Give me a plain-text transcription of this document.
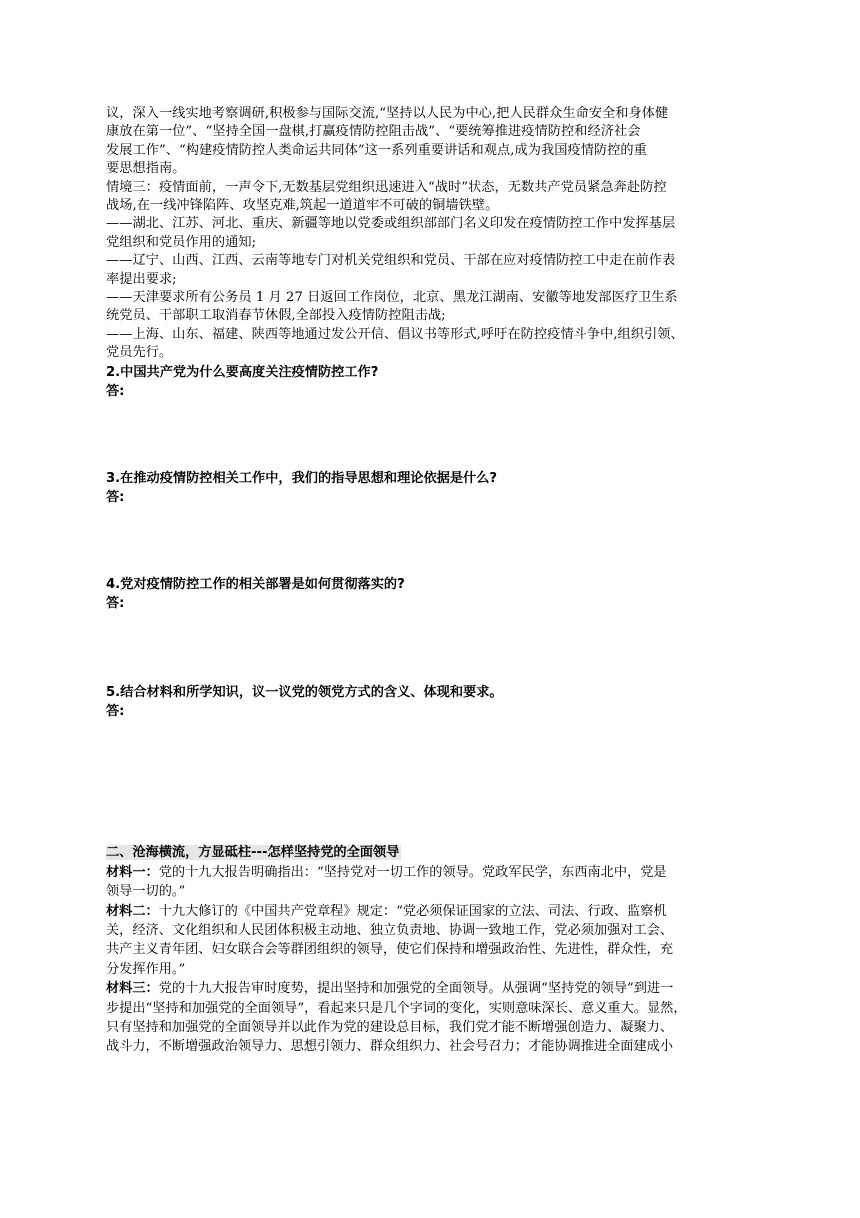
议，深入一线实地考察调研,积极参与国际交流,“坚持以人民为中心,把人民群众生命安全和身体健

康放在第一位”、“坚持全国一盘棋,打赢疫情防控阻击战”、“要统筹推进疫情防控和经济社会

发展工作”、“构建疫情防控人类命运共同体”这一系列重要讲话和观点,成为我国疫情防控的重

要思想指南。

情境三：疫情面前，一声令下,无数基层党组织迅速进入“战时”状态，无数共产党员紧急奔赴防控

战场,在一线冲锋陷阵、攻坚克难,筑起一道道牢不可破的铜墙铁壁。

——湖北、江苏、河北、重庆、新疆等地以党委或组织部部门名义印发在疫情防控工作中发挥基层

党组织和党员作用的通知;

——辽宁、山西、江西、云南等地专门对机关党组织和党员、干部在应对疫情防控工中走在前作表

率提出要求;

——天津要求所有公务员 1 月 27 日返回工作岗位，北京、黑龙江湖南、安徽等地发部医疗卫生系

统党员、干部职工取消春节休假,全部投入疫情防控阻击战;

——上海、山东、福建、陕西等地通过发公开信、倡议书等形式,呼吁在防控疫情斗争中,组织引领、

党员先行。

2.中国共产党为什么要高度关注疫情防控工作?

答:

3.在推动疫情防控相关工作中，我们的指导思想和理论依据是什么?

答:

4.党对疫情防控工作的相关部署是如何贯彻落实的?

答:

5.结合材料和所学知识，议一议党的领党方式的含义、体现和要求。

答:

二、沧海横流，方显砥柱---怎样坚持党的全面领导

材料一：党的十九大报告明确指出：“坚持党对一切工作的领导。党政军民学，东西南北中，党是

领导一切的。”

材料二：十九大修订的《中国共产党章程》规定：“党必须保证国家的立法、司法、行政、监察机

关，经济、文化组织和人民团体积极主动地、独立负责地、协调一致地工作，党必须加强对工会、

共产主义青年团、妇女联合会等群团组织的领导，使它们保持和增强政治性、先进性，群众性，充

分发挥作用。”

材料三：党的十九大报告审时度势，提出坚持和加强党的全面领导。从强调“坚持党的领导”到进一

步提出“坚持和加强党的全面领导”，看起来只是几个字词的变化，实则意味深长、意义重大。显然，

只有坚持和加强党的全面领导并以此作为党的建设总目标，我们党才能不断增强创造力、凝聚力、

战斗力，不断增强政治领导力、思想引领力、群众组织力、社会号召力；才能协调推进全面建成小
